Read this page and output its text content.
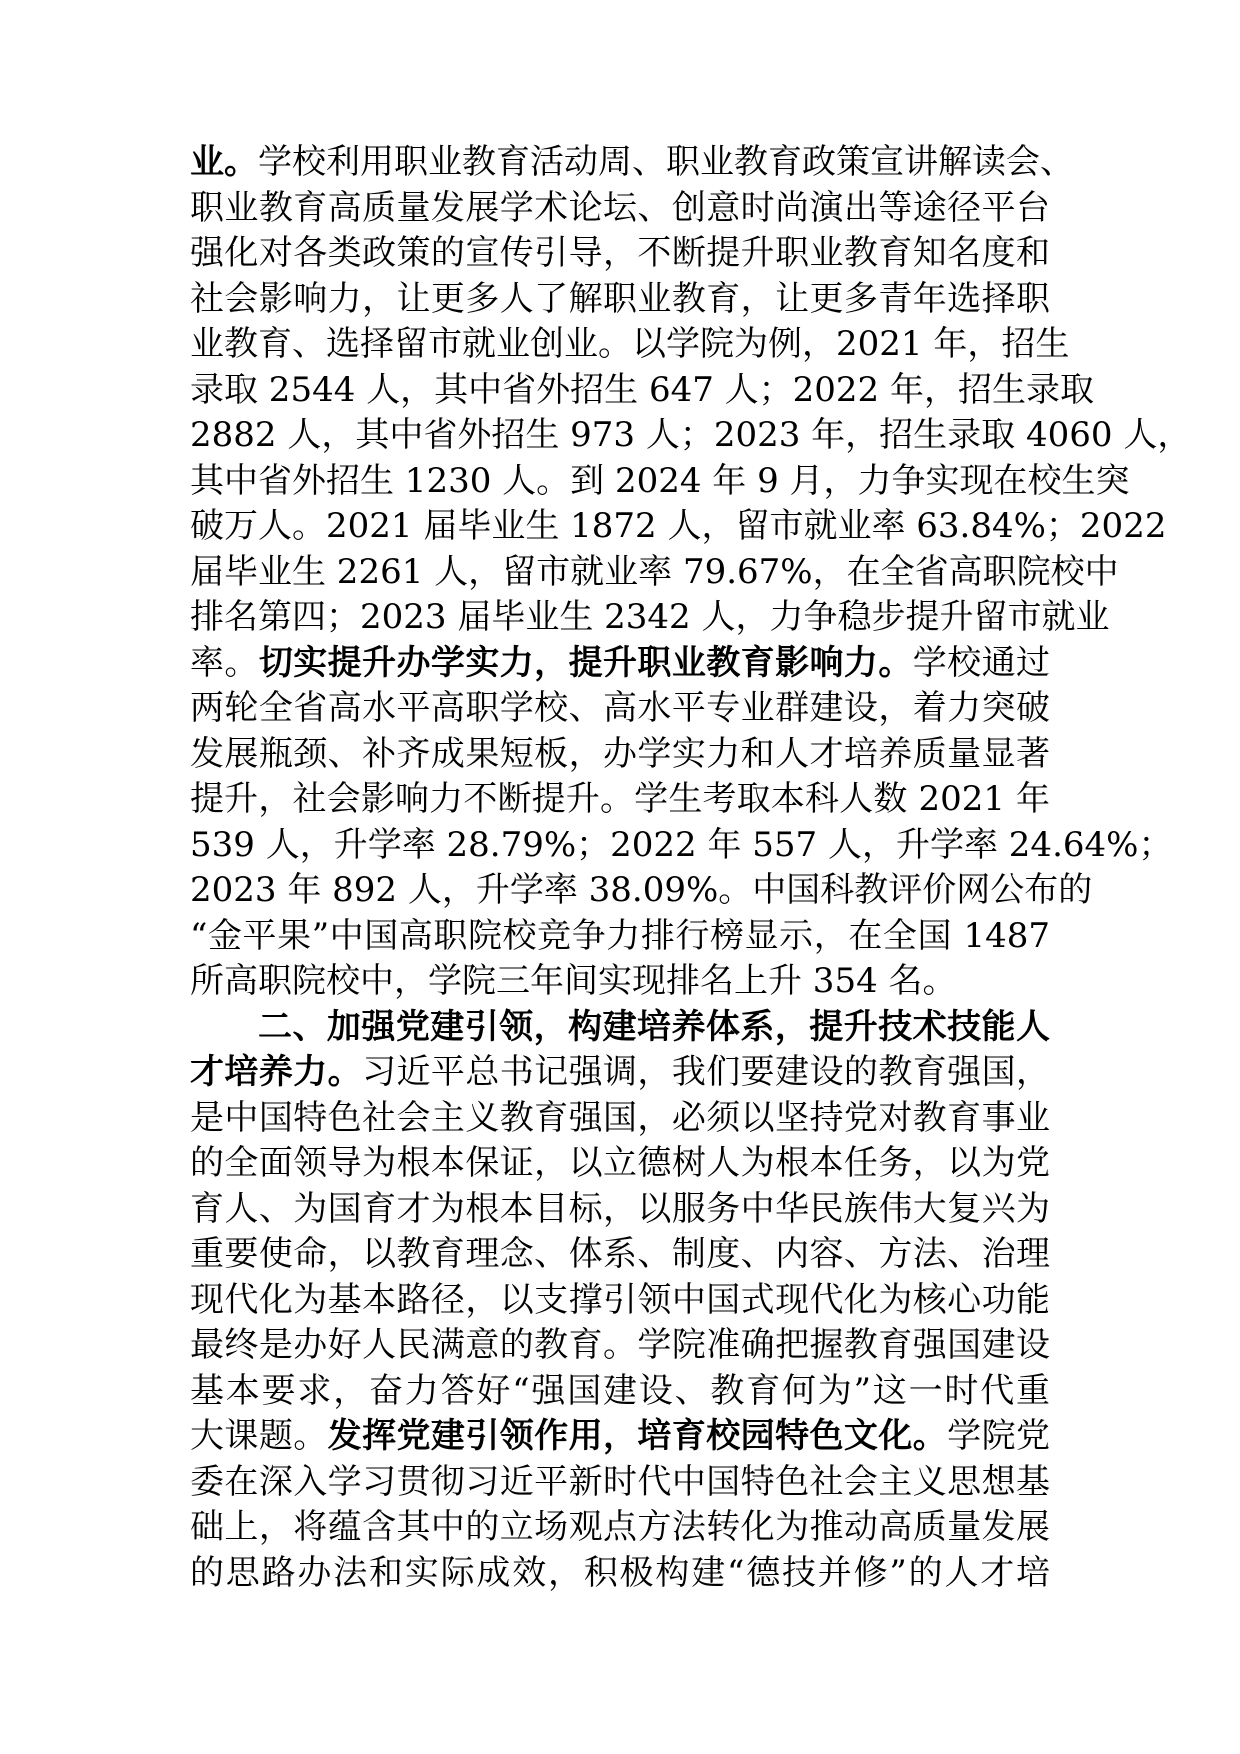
业。学校利用职业教育活动周、职业教育政策宣讲解读会、
职业教育高质量发展学术论坛、创意时尚演出等途径平台
强化对各类政策的宣传引导，不断提升职业教育知名度和
社会影响力，让更多人了解职业教育，让更多青年选择职
业教育、选择留市就业创业。以学院为例，2021 年，招生
录取 2544 人，其中省外招生 647 人；2022 年，招生录取
2882 人，其中省外招生 973 人；2023 年，招生录取 4060 人，
其中省外招生 1230 人。到 2024 年 9 月，力争实现在校生突
破万人。2021 届毕业生 1872 人，留市就业率 63.84%；2022
届毕业生 2261 人，留市就业率 79.67%，在全省高职院校中
排名第四；2023 届毕业生 2342 人，力争稳步提升留市就业
率。切实提升办学实力，提升职业教育影响力。学校通过
两轮全省高水平高职学校、高水平专业群建设，着力突破
发展瓶颈、补齐成果短板，办学实力和人才培养质量显著
提升，社会影响力不断提升。学生考取本科人数 2021 年
539 人，升学率 28.79%；2022 年 557 人，升学率 24.64%；
2023 年 892 人，升学率 38.09%。中国科教评价网公布的
“金平果”中国高职院校竞争力排行榜显示，在全国 1487
所高职院校中，学院三年间实现排名上升 354 名。
二、加强党建引领，构建培养体系，提升技术技能人
才培养力。习近平总书记强调，我们要建设的教育强国，
是中国特色社会主义教育强国，必须以坚持党对教育事业
的全面领导为根本保证，以立德树人为根本任务，以为党
育人、为国育才为根本目标，以服务中华民族伟大复兴为
重要使命，以教育理念、体系、制度、内容、方法、治理
现代化为基本路径，以支撑引领中国式现代化为核心功能
最终是办好人民满意的教育。学院准确把握教育强国建设
基本要求，奋力答好“强国建设、教育何为”这一时代重
大课题。发挥党建引领作用，培育校园特色文化。学院党
委在深入学习贯彻习近平新时代中国特色社会主义思想基
础上，将蕴含其中的立场观点方法转化为推动高质量发展
的思路办法和实际成效，积极构建“德技并修”的人才培
